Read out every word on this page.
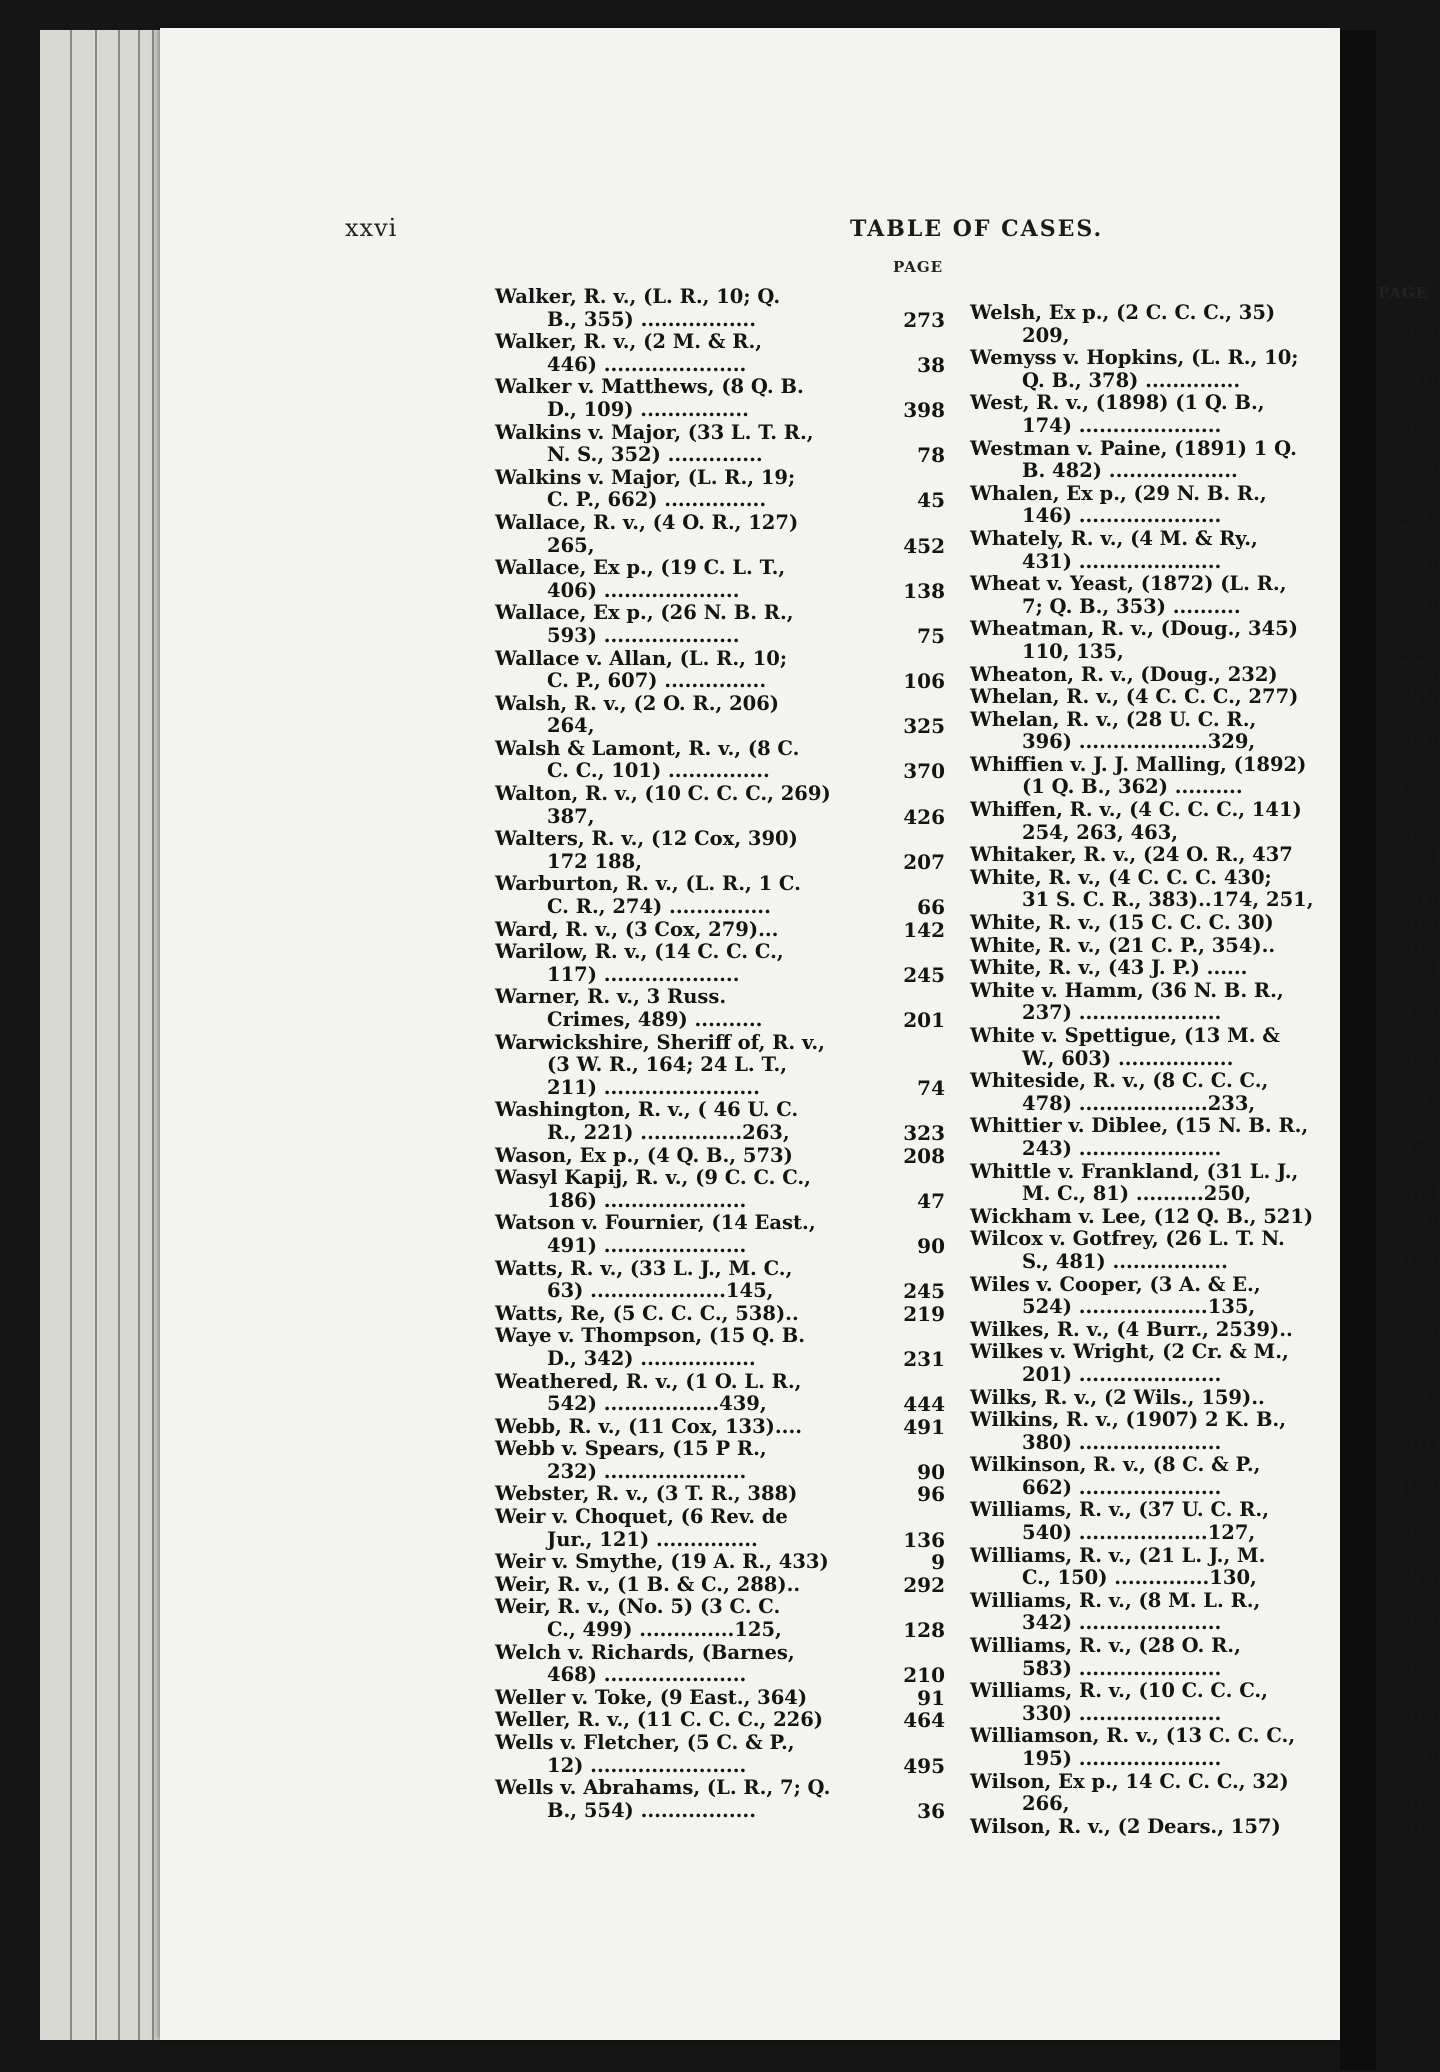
xxvi	TABLE OF CASES.
PAGE
Walker, R. v., (L. R., 10; Q.
B., 355) .................	273
Walker, R. v., (2 M. & R.,
446) .....................	38
Walker v. Matthews, (8 Q. B.
D., 109) ................	398
Walkins v. Major, (33 L. T. R.,
N. S., 352) ..............	78
Walkins v. Major, (L. R., 19;
C. P., 662) ...............	45
Wallace, R. v., (4 O. R., 127)
265,	452
Wallace, Ex p., (19 C. L. T.,
406) ....................	138
Wallace, Ex p., (26 N. B. R.,
593) ....................	75
Wallace v. Allan, (L. R., 10;
C. P., 607) ...............	106
Walsh, R. v., (2 O. R., 206)
264,	325
Walsh & Lamont, R. v., (8 C.
C. C., 101) ...............	370
Walton, R. v., (10 C. C. C., 269)
387,	426
Walters, R. v., (12 Cox, 390)
172 188,	207
Warburton, R. v., (L. R., 1 C.
C. R., 274) ...............	66
Ward, R. v., (3 Cox, 279)...	142
Warilow, R. v., (14 C. C. C.,
117) ....................	245
Warner, R. v., 3 Russ.
Crimes, 489) ..........	201
Warwickshire, Sheriff of, R. v.,
(3 W. R., 164; 24 L. T.,
211) .......................	74
Washington, R. v., ( 46 U. C.
R., 221) ...............263,	323
Wason, Ex p., (4 Q. B., 573)	208
Wasyl Kapij, R. v., (9 C. C. C.,
186) .....................	47
Watson v. Fournier, (14 East.,
491) .....................	90
Watts, R. v., (33 L. J., M. C.,
63) ....................145,	245
Watts, Re, (5 C. C. C., 538)..	219
Waye v. Thompson, (15 Q. B.
D., 342) .................	231
Weathered, R. v., (1 O. L. R.,
542) .................439,	444
Webb, R. v., (11 Cox, 133)....	491
Webb v. Spears, (15 P R.,
232) .....................	90
Webster, R. v., (3 T. R., 388)	96
Weir v. Choquet, (6 Rev. de
Jur., 121) ...............	136
Weir v. Smythe, (19 A. R., 433)	9
Weir, R. v., (1 B. & C., 288)..	292
Weir, R. v., (No. 5) (3 C. C.
C., 499) ..............125,	128
Welch v. Richards, (Barnes,
468) .....................	210
Weller v. Toke, (9 East., 364)	91
Weller, R. v., (11 C. C. C., 226)	464
Wells v. Fletcher, (5 C. & P.,
12) .......................	495
Wells v. Abrahams, (L. R., 7; Q.
B., 554) .................	36
PAGE
Welsh, Ex p., (2 C. C. C., 35)
209,	209
Wemyss v. Hopkins, (L. R., 10;
Q. B., 378) ..............	38
West, R. v., (1898) (1 Q. B.,
174) .....................	382
Westman v. Paine, (1891) 1 Q.
B. 482) ...................	332
Whalen, Ex p., (29 N. B. R.,
146) .....................	256
Whately, R. v., (4 M. & Ry.,
431) .....................	96
Wheat v. Yeast, (1872) (L. R.,
7; Q. B., 353) ..........	79
Wheatman, R. v., (Doug., 345)
110, 135,	227
Wheaton, R. v., (Doug., 232)	250
Whelan, R. v., (4 C. C. C., 277)	258
Whelan, R. v., (28 U. C. R.,
396) ...................329,	468
Whiffien v. J. J. Malling, (1892)
(1 Q. B., 362) ..........	142
Whiffen, R. v., (4 C. C. C., 141)
254, 263, 463,	464
Whitaker, R. v., (24 O. R., 437	471
White, R. v., (4 C. C. C. 430;
31 S. C. R., 383)..174, 251,	418
White, R. v., (15 C. C. C. 30)	205
White, R. v., (21 C. P., 354)..	267
White, R. v., (43 J. P.) ......	231
White v. Hamm, (36 N. B. R.,
237) .....................	93
White v. Spettigue, (13 M. &
W., 603) .................	398
Whiteside, R. v., (8 C. C. C.,
478) ...................233,	436
Whittier v. Diblee, (15 N. B. R.,
243) .....................	87
Whittle v. Frankland, (31 L. J.,
M. C., 81) ..........250,	261
Wickham v. Lee, (12 Q. B., 521)	78
Wilcox v. Gotfrey, (26 L. T. N.
S., 481) .................	192
Wiles v. Cooper, (3 A. & E.,
524) ...................135,	227
Wilkes, R. v., (4 Burr., 2539)..	225
Wilkes v. Wright, (2 Cr. & M.,
201) .....................	225
Wilks, R. v., (2 Wils., 159)..	426
Wilkins, R. v., (1907) 2 K. B.,
380) .....................	301
Wilkinson, R. v., (8 C. & P.,
662) .....................	199
Williams, R. v., (37 U. C. R.,
540) ...................127,	265
Williams, R. v., (21 L. J., M.
C., 150) ..............130,	250
Williams, R. v., (8 M. L. R.,
342) .....................	463
Williams, R. v., (28 O. R.,
583) .....................	494
Williams, R. v., (10 C. C. C.,
330) .....................	406
Williamson, R. v., (13 C. C. C.,
195) .....................	329
Wilson, Ex p., 14 C. C. C., 32)
266,	307
Wilson, R. v., (2 Dears., 157)	207
